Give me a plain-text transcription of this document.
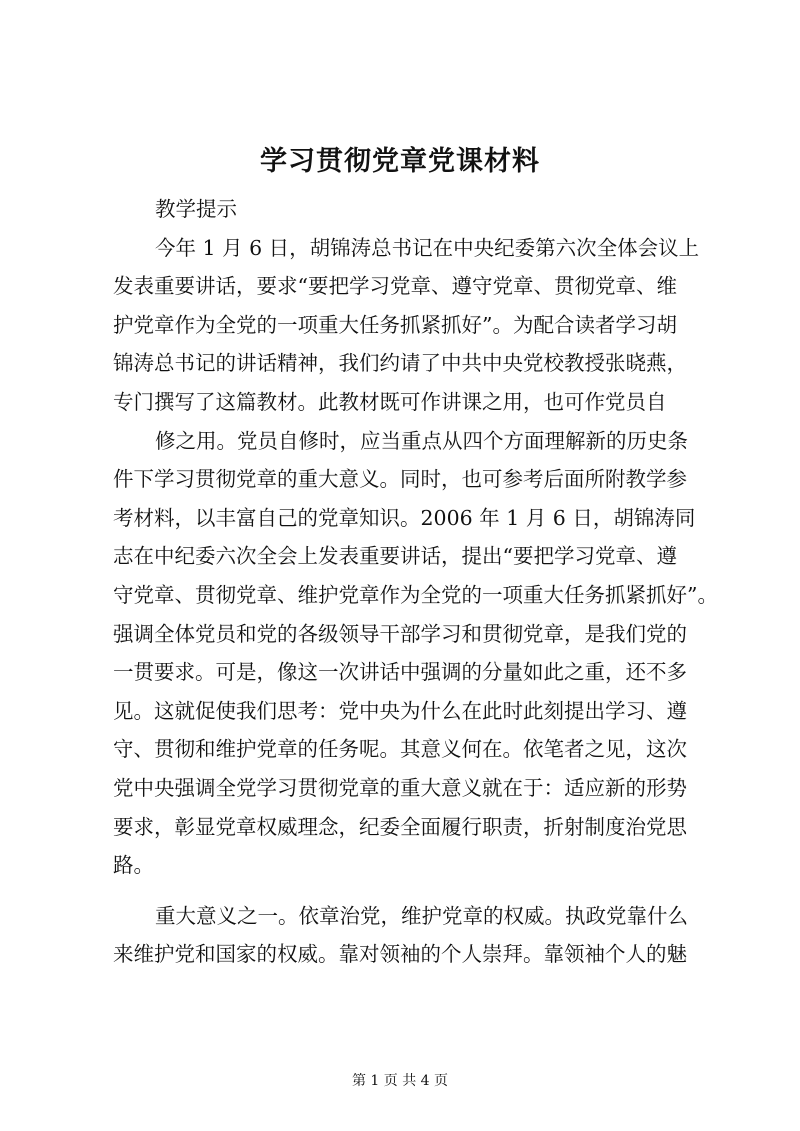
学习贯彻党章党课材料
教学提示
今年 1 月 6 日，胡锦涛总书记在中央纪委第六次全体会议上
发表重要讲话，要求“要把学习党章、遵守党章、贯彻党章、维
护党章作为全党的一项重大任务抓紧抓好”。为配合读者学习胡
锦涛总书记的讲话精神，我们约请了中共中央党校教授张晓燕，
专门撰写了这篇教材。此教材既可作讲课之用，也可作党员自
修之用。党员自修时，应当重点从四个方面理解新的历史条
件下学习贯彻党章的重大意义。同时，也可参考后面所附教学参
考材料，以丰富自己的党章知识。2006 年 1 月 6 日，胡锦涛同
志在中纪委六次全会上发表重要讲话，提出“要把学习党章、遵
守党章、贯彻党章、维护党章作为全党的一项重大任务抓紧抓好”。
强调全体党员和党的各级领导干部学习和贯彻党章，是我们党的
一贯要求。可是，像这一次讲话中强调的分量如此之重，还不多
见。这就促使我们思考：党中央为什么在此时此刻提出学习、遵
守、贯彻和维护党章的任务呢。其意义何在。依笔者之见，这次
党中央强调全党学习贯彻党章的重大意义就在于：适应新的形势
要求，彰显党章权威理念，纪委全面履行职责，折射制度治党思
路。
重大意义之一。依章治党，维护党章的权威。执政党靠什么
来维护党和国家的权威。靠对领袖的个人崇拜。靠领袖个人的魅
第 1 页 共 4 页
